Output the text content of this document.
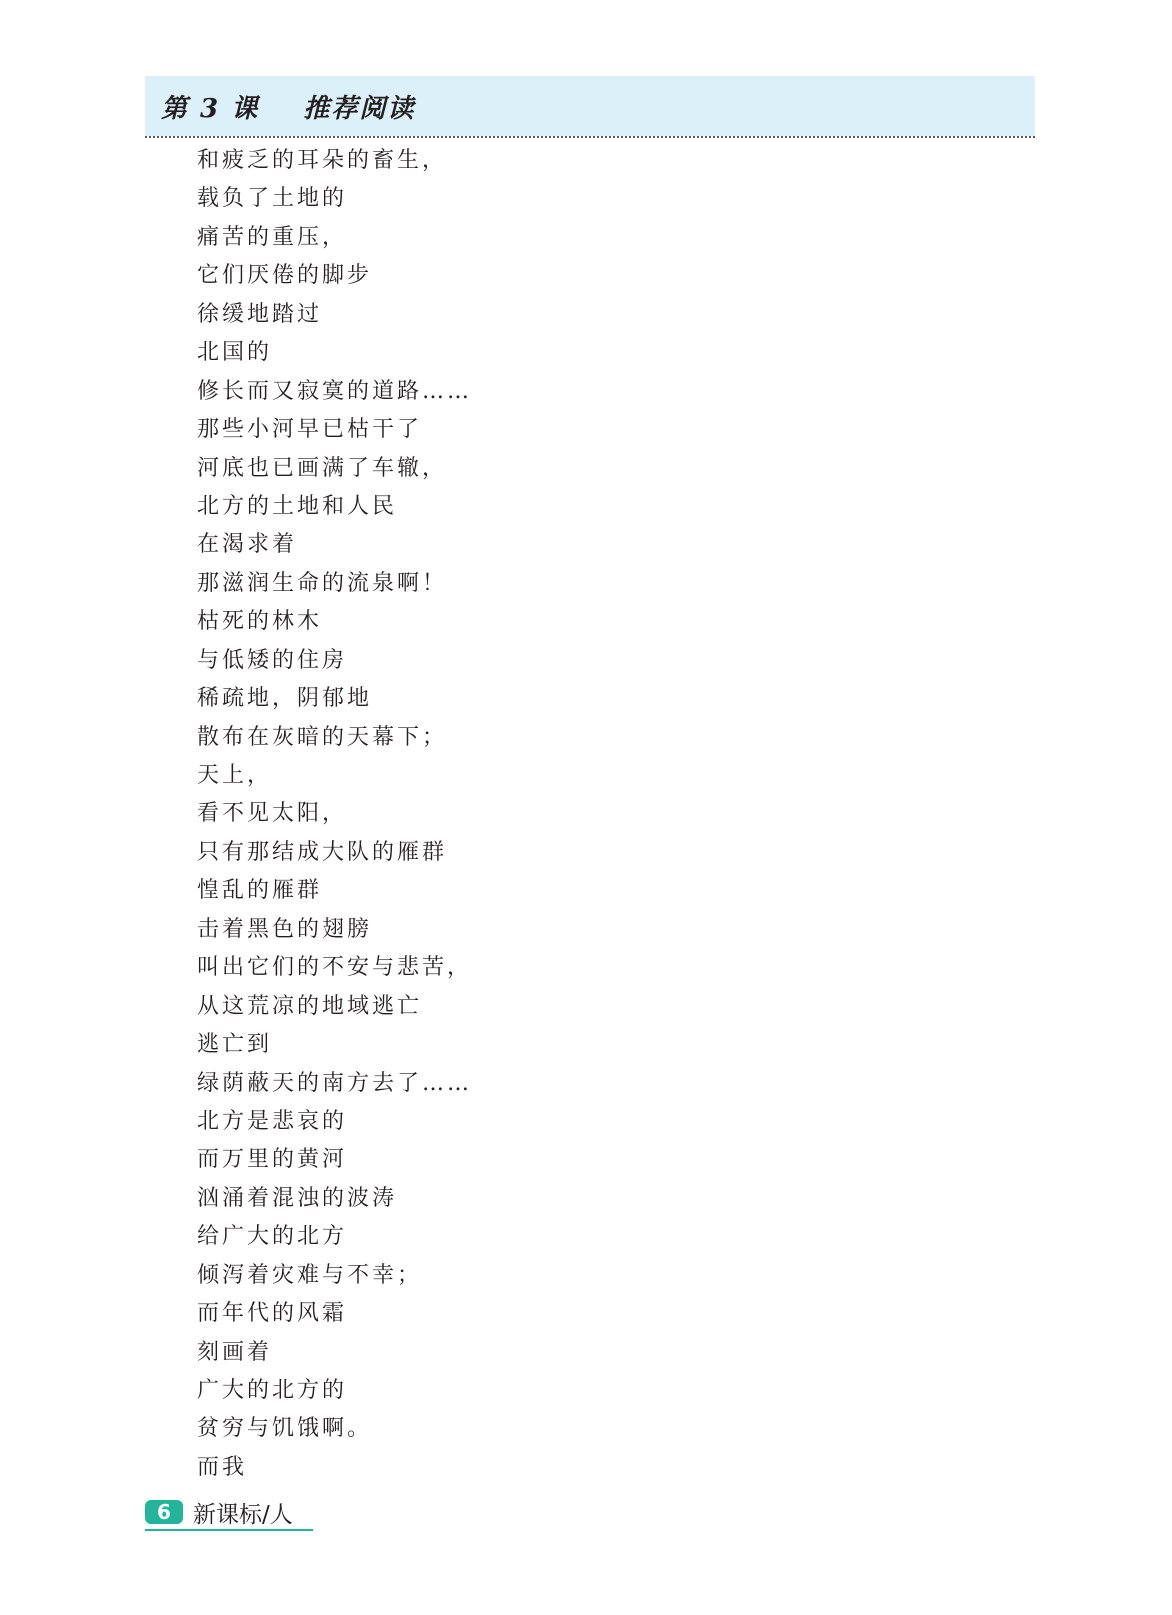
第 3 课    推荐阅读
和疲乏的耳朵的畜生，
载负了土地的
痛苦的重压，
它们厌倦的脚步
徐缓地踏过
北国的
修长而又寂寞的道路……
那些小河早已枯干了
河底也已画满了车辙，
北方的土地和人民
在渴求着
那滋润生命的流泉啊！
枯死的林木
与低矮的住房
稀疏地，阴郁地
散布在灰暗的天幕下；
天上，
看不见太阳，
只有那结成大队的雁群
惶乱的雁群
击着黑色的翅膀
叫出它们的不安与悲苦，
从这荒凉的地域逃亡
逃亡到
绿荫蔽天的南方去了……
北方是悲哀的
而万里的黄河
汹涌着混浊的波涛
给广大的北方
倾泻着灾难与不幸；
而年代的风霜
刻画着
广大的北方的
贫穷与饥饿啊。
而我
6 新课标/人
